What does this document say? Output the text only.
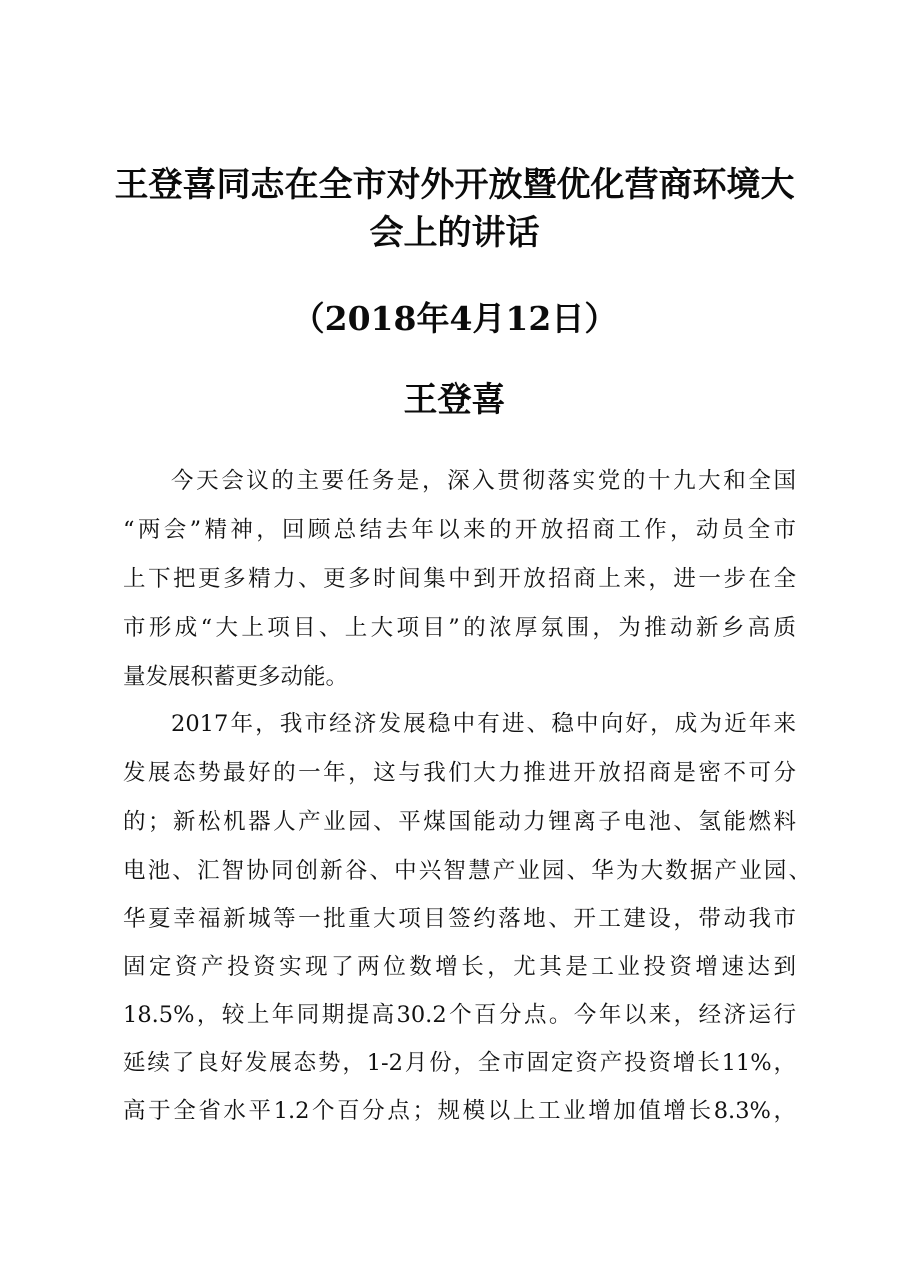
王登喜同志在全市对外开放暨优化营商环境大
会上的讲话

（2018年4月12日）

王登喜

今天会议的主要任务是，深入贯彻落实党的十九大和全国

“两会”精神，回顾总结去年以来的开放招商工作，动员全市

上下把更多精力、更多时间集中到开放招商上来，进一步在全

市形成“大上项目、上大项目”的浓厚氛围，为推动新乡高质

量发展积蓄更多动能。

2017年，我市经济发展稳中有进、稳中向好，成为近年来

发展态势最好的一年，这与我们大力推进开放招商是密不可分

的；新松机器人产业园、平煤国能动力锂离子电池、氢能燃料

电池、汇智协同创新谷、中兴智慧产业园、华为大数据产业园、

华夏幸福新城等一批重大项目签约落地、开工建设，带动我市

固定资产投资实现了两位数增长，尤其是工业投资增速达到

18.5%，较上年同期提高30.2个百分点。今年以来，经济运行

延续了良好发展态势，1-2月份，全市固定资产投资增长11%，

高于全省水平1.2个百分点；规模以上工业增加值增长8.3%，
